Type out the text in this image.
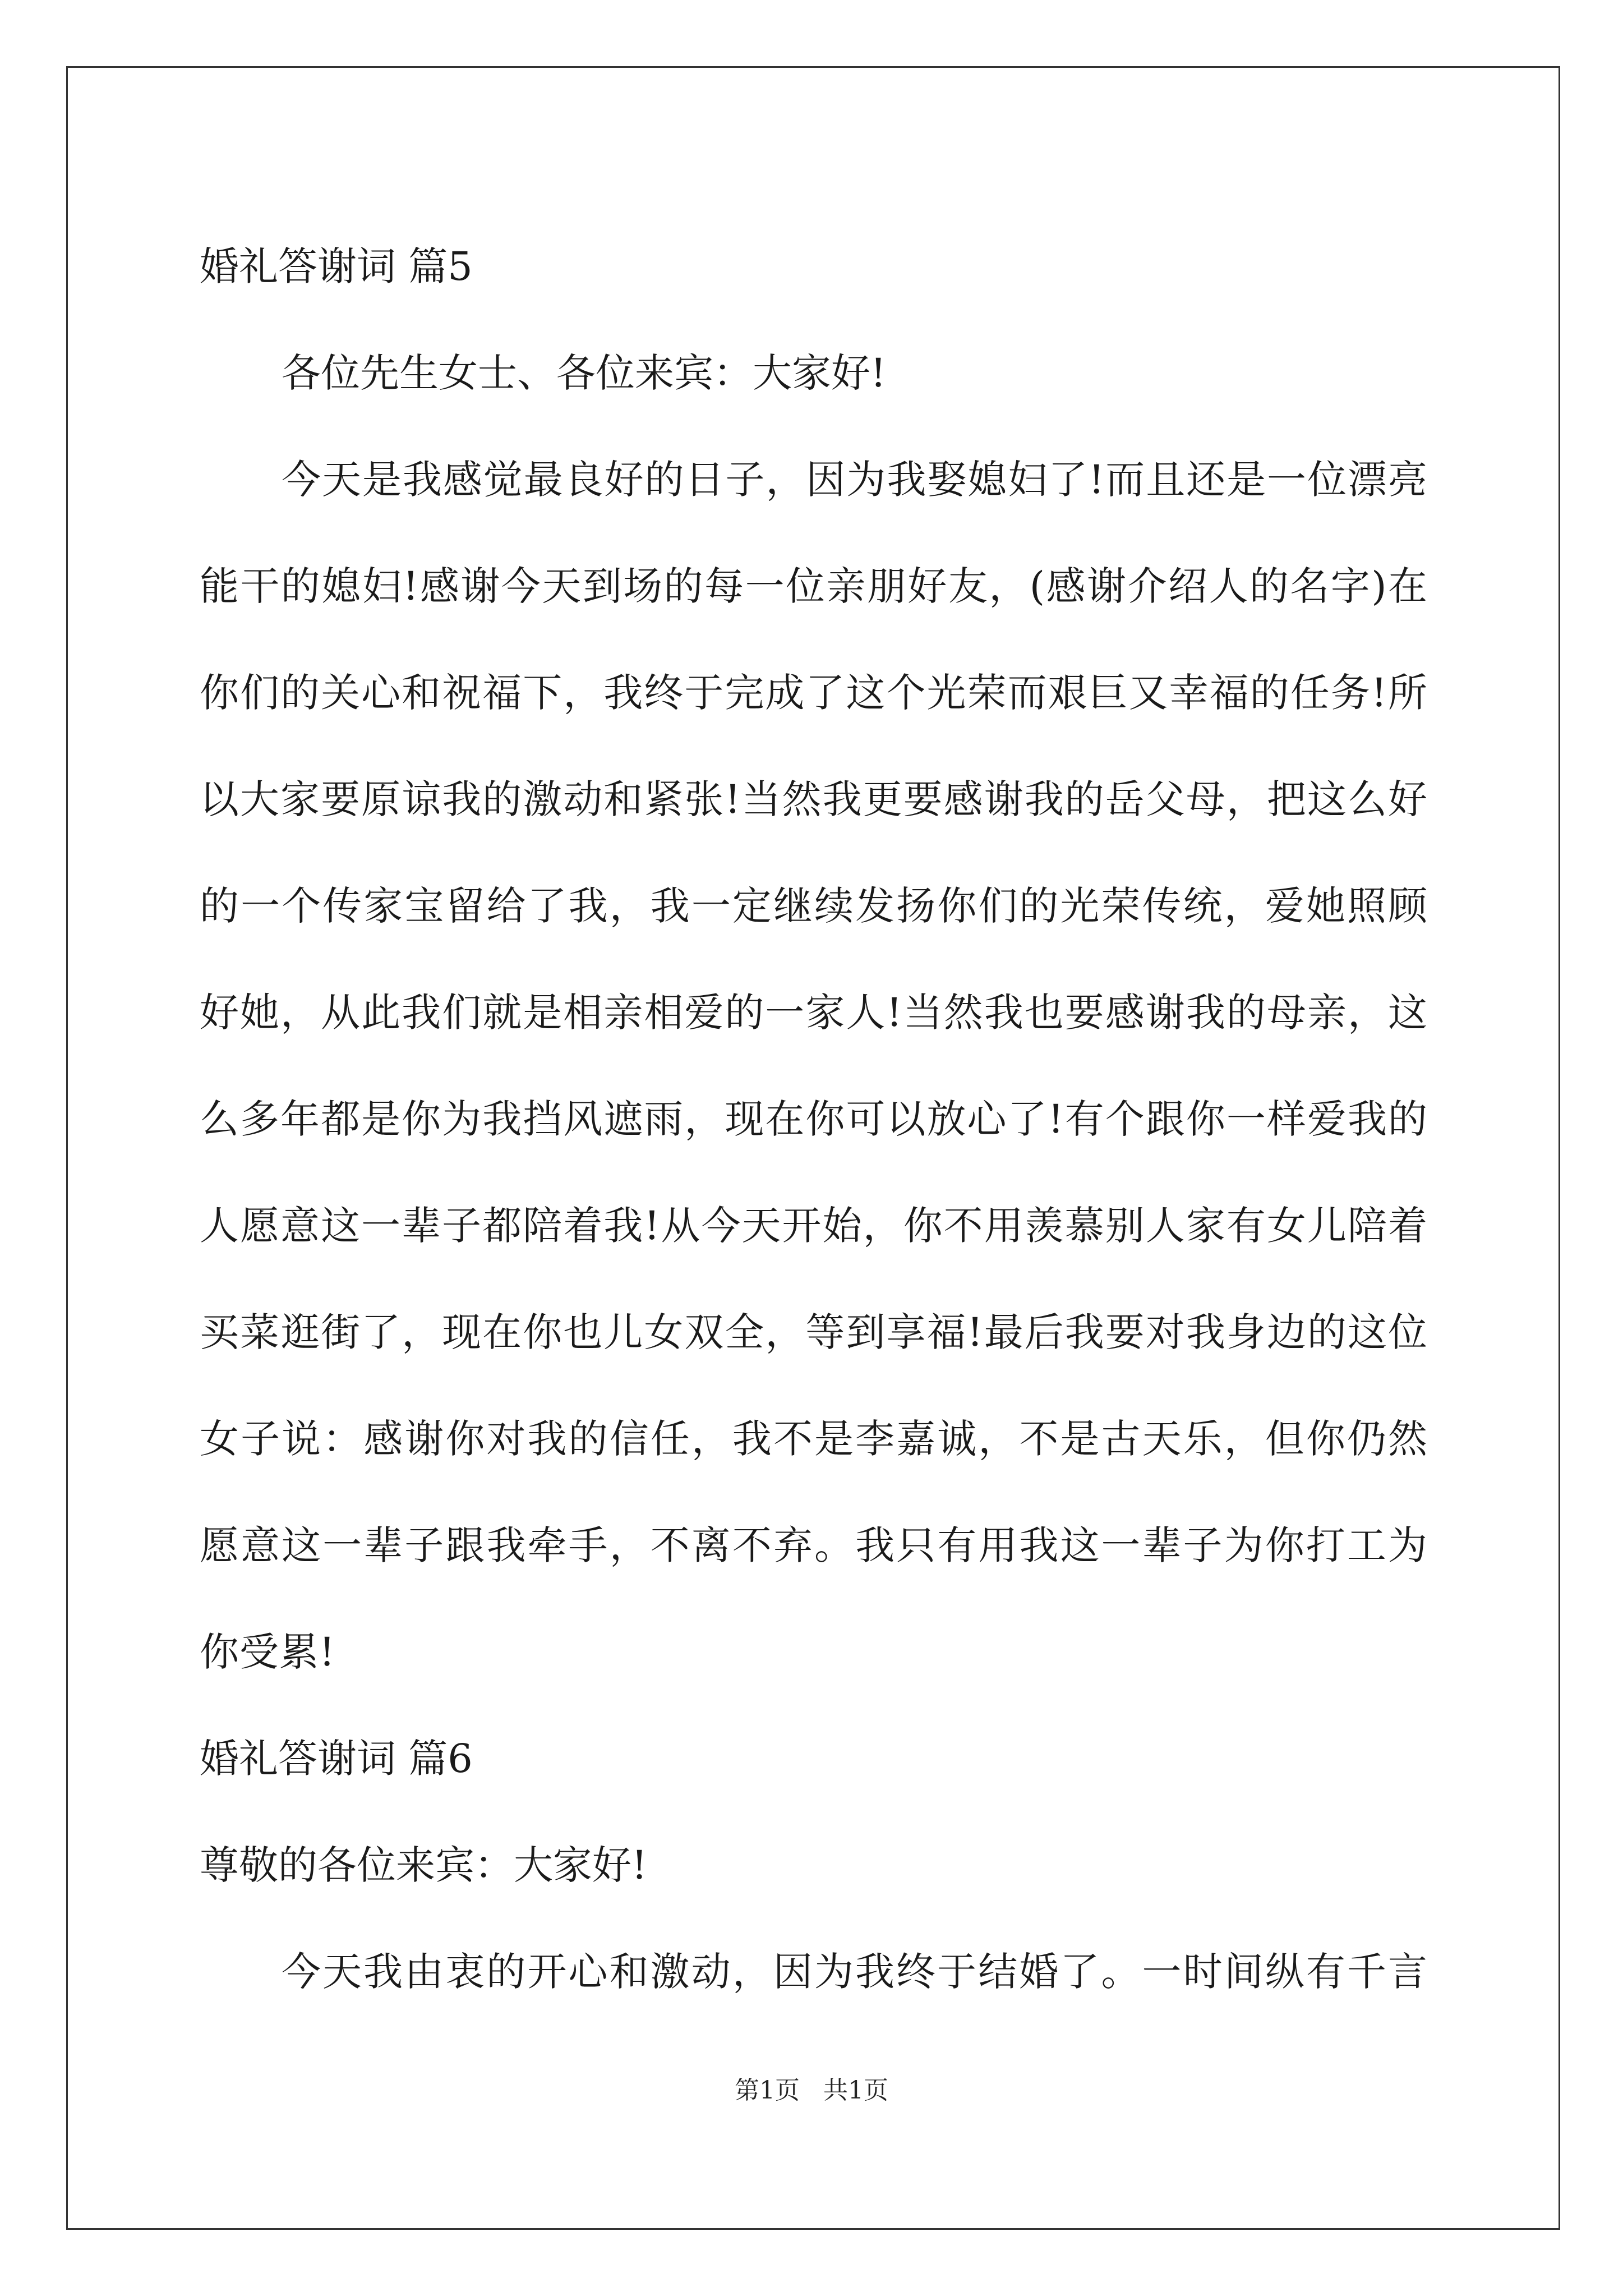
婚礼答谢词 篇5
各位先生女士、各位来宾：大家好!
今天是我感觉最良好的日子，因为我娶媳妇了!而且还是一位漂亮
能干的媳妇!感谢今天到场的每一位亲朋好友，(感谢介绍人的名字)在
你们的关心和祝福下，我终于完成了这个光荣而艰巨又幸福的任务!所
以大家要原谅我的激动和紧张!当然我更要感谢我的岳父母，把这么好
的一个传家宝留给了我，我一定继续发扬你们的光荣传统，爱她照顾
好她，从此我们就是相亲相爱的一家人!当然我也要感谢我的母亲，这
么多年都是你为我挡风遮雨，现在你可以放心了!有个跟你一样爱我的
人愿意这一辈子都陪着我!从今天开始，你不用羡慕别人家有女儿陪着
买菜逛街了，现在你也儿女双全，等到享福!最后我要对我身边的这位
女子说：感谢你对我的信任，我不是李嘉诚，不是古天乐，但你仍然
愿意这一辈子跟我牵手，不离不弃。我只有用我这一辈子为你打工为
你受累!
婚礼答谢词 篇6
尊敬的各位来宾：大家好!
今天我由衷的开心和激动，因为我终于结婚了。一时间纵有千言
第1页   共1页
